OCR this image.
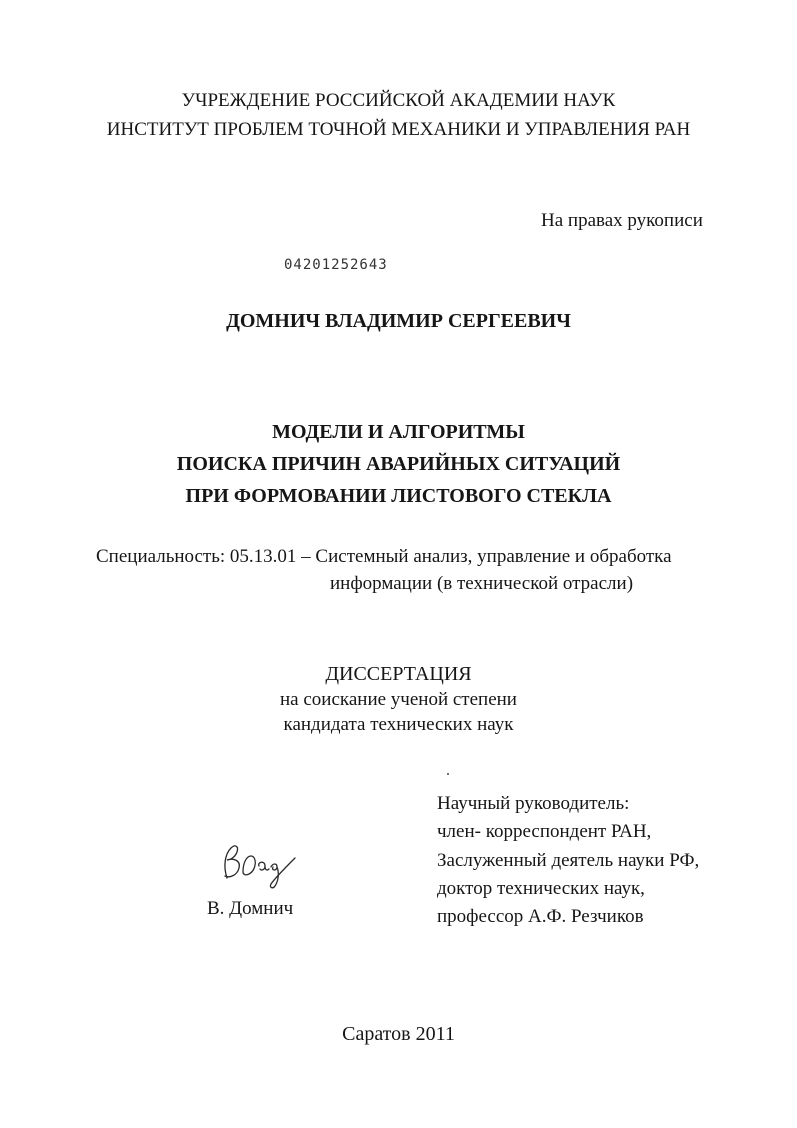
УЧРЕЖДЕНИЕ РОССИЙСКОЙ АКАДЕМИИ НАУК
ИНСТИТУТ ПРОБЛЕМ ТОЧНОЙ МЕХАНИКИ И УПРАВЛЕНИЯ РАН
На правах рукописи
04201252643
ДОМНИЧ ВЛАДИМИР СЕРГЕЕВИЧ
МОДЕЛИ И АЛГОРИТМЫ
ПОИСКА ПРИЧИН АВАРИЙНЫХ СИТУАЦИЙ
ПРИ ФОРМОВАНИИ ЛИСТОВОГО СТЕКЛА
Специальность: 05.13.01 – Системный анализ, управление и обработка
информации (в технической отрасли)
ДИССЕРТАЦИЯ
на соискание ученой степени
кандидата технических наук
Научный руководитель:
член- корреспондент РАН,
Заслуженный деятель науки РФ,
доктор технических наук,
профессор А.Ф. Резчиков
В. Домнич
Саратов 2011
